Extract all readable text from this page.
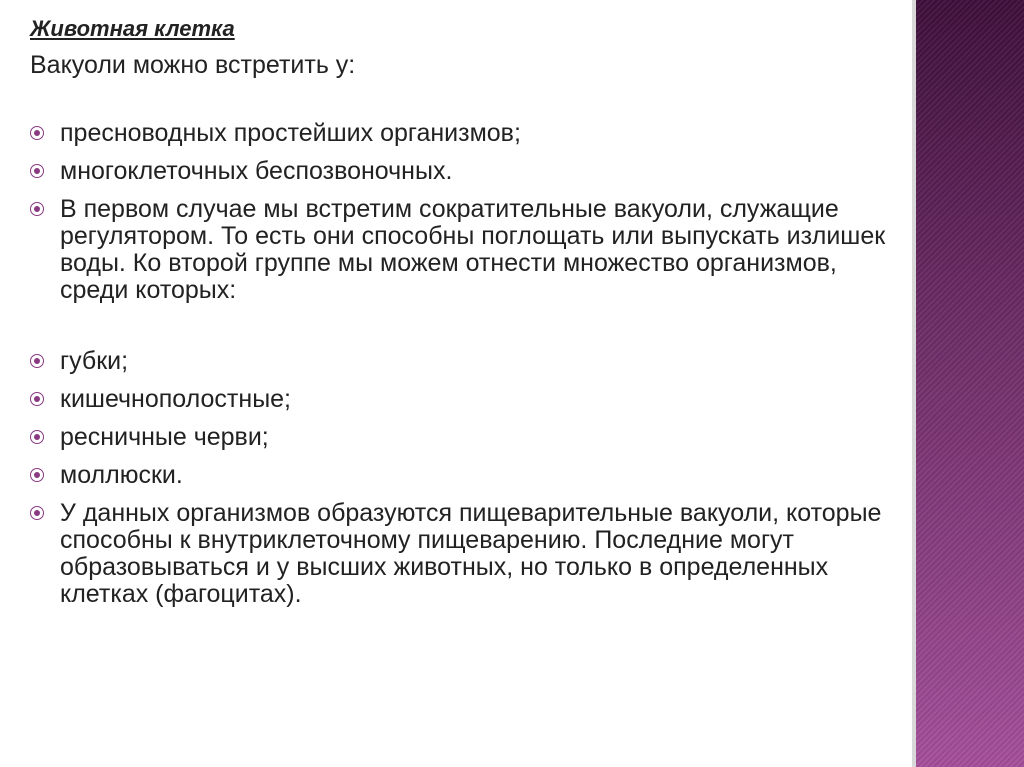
Животная клетка
Вакуоли можно встретить у:
пресноводных простейших организмов;
многоклеточных беспозвоночных.
В первом случае мы встретим сократительные вакуоли, служащие регулятором. То есть они способны поглощать или выпускать излишек воды. Ко второй группе мы можем отнести множество организмов, среди которых:
губки;
кишечнополостные;
ресничные черви;
моллюски.
У данных организмов образуются пищеварительные вакуоли, которые способны к внутриклеточному пищеварению. Последние могут образовываться и у высших животных, но только в определенных клетках (фагоцитах).
